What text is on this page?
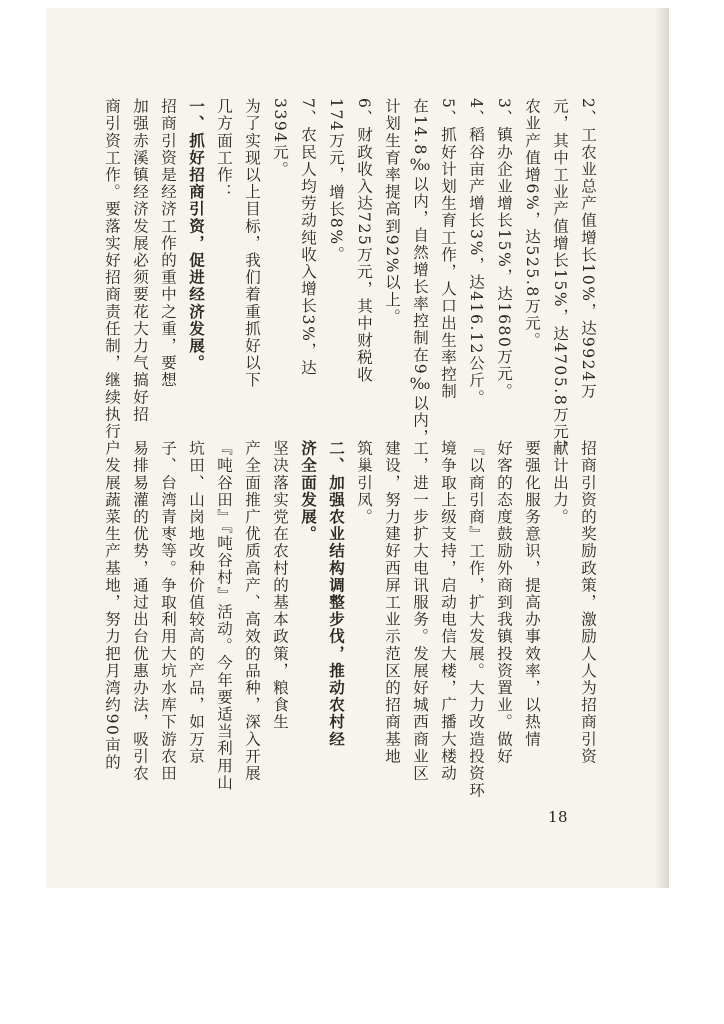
2、工农业总产值增长10%，达9924万
元，其中工业产值增长15%，达4705.8万元，
农业产值增6%，达525.8万元。
3、镇办企业增长15%，达1680万元。
4、稻谷亩产增长3%，达416.12公斤。
5、抓好计划生育工作，人口出生率控制
在14.8‰以内，自然增长率控制在9‰以内，
计划生育率提高到92%以上。
6、财政收入达725万元，其中财税收
174万元，增长8%。
7、农民人均劳动纯收入增长3%，达
3394元。
为了实现以上目标，我们着重抓好以下
几方面工作：
一、抓好招商引资，促进经济发展。
招商引资是经济工作的重中之重，要想
加强赤溪镇经济发展必须要花大力气搞好招
商引资工作。要落实好招商责任制，继续执行
招商引资的奖励政策，激励人人为招商引资
献计出力。
要强化服务意识，提高办事效率，以热情
好客的态度鼓励外商到我镇投资置业。做好
『以商引商』工作，扩大发展。大力改造投资环
境争取上级支持，启动电信大楼，广播大楼动
工，进一步扩大电讯服务。发展好城西商业区
建设，努力建好西屏工业示范区的招商基地
筑巢引凤。
二、加强农业结构调整步伐，推动农村经
济全面发展。
坚决落实党在农村的基本政策，粮食生
产全面推广优质高产、高效的品种，深入开展
『吨谷田』『吨谷村』活动。今年要适当利用山
坑田、山岗地改种价值较高的产品，如万京
子、台湾青枣等。争取利用大坑水库下游农田
易排易灌的优势，通过出台优惠办法，吸引农
户发展蔬菜生产基地，努力把月湾约90亩的
18
